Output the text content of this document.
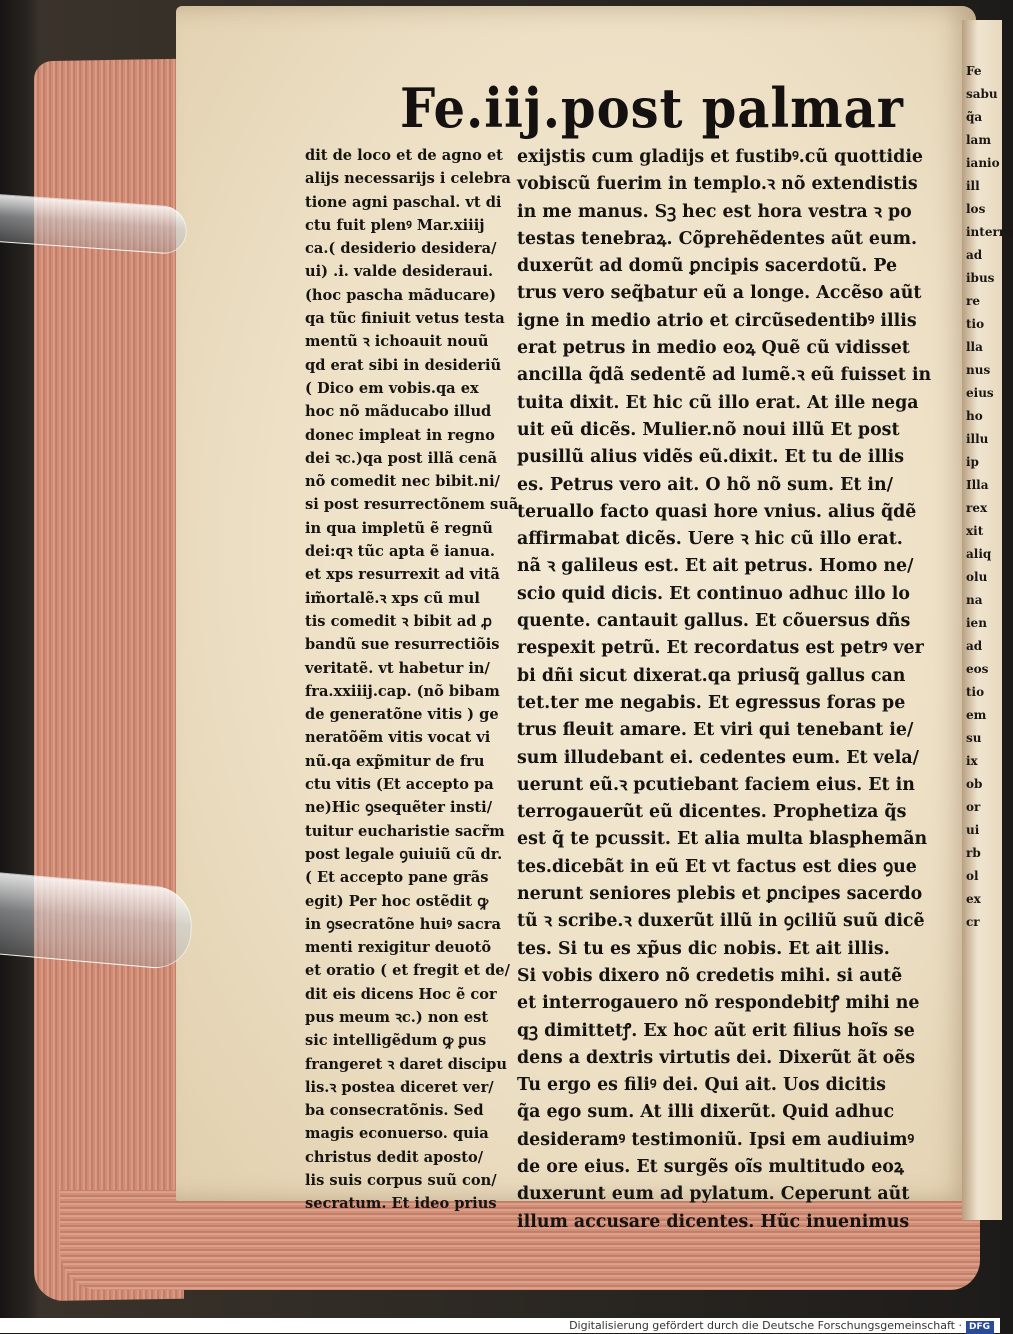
Fe
sabu
q̃a
lam
ianio
ill
los
interro
ad
ibus
re
tio
lla
nus
eius
ho
illu
ip
Illa
rex
xit
aliq
olu
na
ien
ad
eos
tio
em
su
ix
ob
or
ui
rb
ol
ex
cr
Fe.iij.post palmar
dit de loco et de agno et
alijs necessarijs i celebra
tione agni paschal. vt di
ctu fuit plenꝰ Mar.xiiij
ca.( desiderio desidera/
ui) .i. valde desideraui.
(hoc pascha mãducare)
qa tũc finiuit vetus testa
mentũ ꝛ ichoauit nouũ
qd erat sibi in desideriũ
( Dico em vobis.qa ex
hoc nõ mãducabo illud
donec impleat in regno
dei ꝛc.)qa post illã cenã
nõ comedit nec bibit.ni/
si post resurrectõnem suã
in qua impletũ ẽ regnũ
dei:qꝛ tũc apta ẽ ianua.
et xps resurrexit ad vitã
im̃ortalẽ.ꝛ xps cũ mul
tis comedit ꝛ bibit ad ꝓ
bandũ sue resurrectiõis
veritatẽ. vt habetur in/
fra.xxiiij.cap. (nõ bibam
de generatõne vitis ) ge
neratõẽm vitis vocat vi
nũ.qa exp̃mitur de fru
ctu vitis (Et accepto pa
ne)Hic ꝯsequẽter insti/
tuitur eucharistie sacr̃m
post legale ꝯuiuiũ cũ dr.
( Et accepto pane grãs
egit) Per hoc ostẽdit ꝙ
in ꝯsecratõne huiꝰ sacra
menti rexigitur deuotõ
et oratio ( et fregit et de/
dit eis dicens Hoc ẽ cor
pus meum ꝛc.) non est
sic intelligẽdum ꝙ ꝑus
frangeret ꝛ daret discipu
lis.ꝛ postea diceret ver/
ba consecratõnis. Sed
magis econuerso. quia
christus dedit aposto/
lis suis corpus suũ con/
secratum. Et ideo prius
exijstis cum gladijs et fustibꝰ.cũ quottidie
vobiscũ fuerim in templo.ꝛ nõ extendistis
in me manus. Sꝫ hec est hora vestra ꝛ po
testas tenebraꝝ. Cõprehẽdentes aũt eum.
duxerũt ad domũ ꝑncipis sacerdotũ. Pe
trus vero seq̃batur eũ a longe. Accẽso aũt
igne in medio atrio et circũsedentibꝰ illis
erat petrus in medio eoꝝ Quẽ cũ vidisset
ancilla q̃dã sedentẽ ad lumẽ.ꝛ eũ fuisset in
tuita dixit. Et hic cũ illo erat. At ille nega
uit eũ dicẽs. Mulier.nõ noui illũ Et post
pusillũ alius vidẽs eũ.dixit. Et tu de illis
es. Petrus vero ait. O hõ nõ sum. Et in/
teruallo facto quasi hore vnius. alius q̃dẽ
affirmabat dicẽs. Uere ꝛ hic cũ illo erat.
nã ꝛ galileus est. Et ait petrus. Homo ne/
scio quid dicis. Et continuo adhuc illo lo
quente. cantauit gallus. Et cõuersus dñs
respexit petrũ. Et recordatus est petrꝰ ver
bi dñi sicut dixerat.qa priusq̃ gallus can
tet.ter me negabis. Et egressus foras pe
trus fleuit amare. Et viri qui tenebant ie/
sum illudebant ei. cedentes eum. Et vela/
uerunt eũ.ꝛ pcutiebant faciem eius. Et in
terrogauerũt eũ dicentes. Prophetiza q̃s
est q̃ te pcussit. Et alia multa blasphemãn
tes.dicebãt in eũ Et vt factus est dies ꝯue
nerunt seniores plebis et ꝑncipes sacerdo
tũ ꝛ scribe.ꝛ duxerũt illũ in ꝯciliũ suũ dicẽ
tes. Si tu es xp̃us dic nobis. Et ait illis.
Si vobis dixero nõ credetis mihi. si autẽ
et interrogauero nõ respondebitꝭ mihi ne
qꝫ dimittetꝭ. Ex hoc aũt erit filius hoĩs se
dens a dextris virtutis dei. Dixerũt ãt oẽs
Tu ergo es filiꝰ dei. Qui ait. Uos dicitis
q̃a ego sum. At illi dixerũt. Quid adhuc
desideramꝰ testimoniũ. Ipsi em audiuimꝰ
de ore eius. Et surgẽs oĩs multitudo eoꝝ
duxerunt eum ad pylatum. Ceperunt aũt
illum accusare dicentes. Hũc inuenimus
Digitalisierung gefördert durch die Deutsche Forschungsgemeinschaft · DFG
